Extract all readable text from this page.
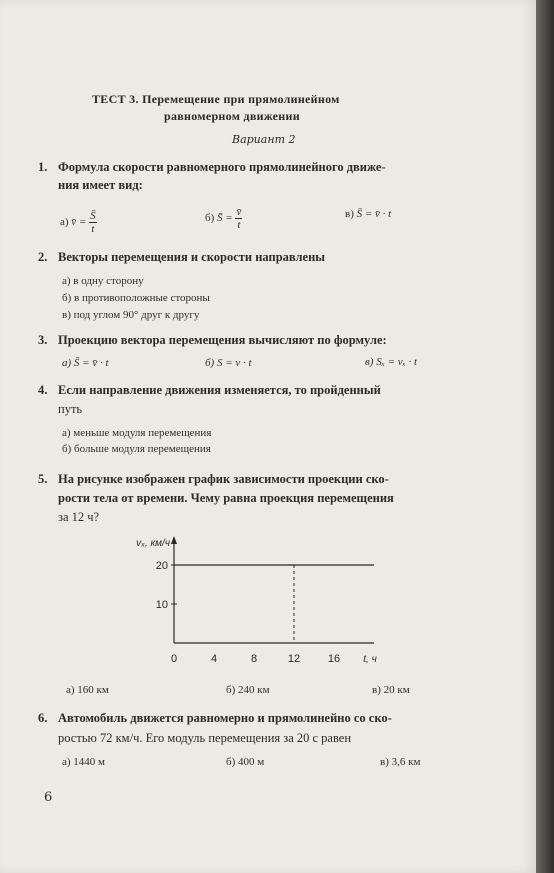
ТЕСТ 3. Перемещение при прямолинейном
равномерном движении
Вариант 2
1. Формула скорости равномерного прямолинейного движе-
ния имеет вид:
а) v̄ = $\frac{S̄}{t}$	б) S̄ = $\frac{v̄}{t}$	в) S̄ = v̄ · t
2. Векторы перемещения и скорости направлены
а) в одну сторону
б) в противоположные стороны
в) под углом 90° друг к другу
3. Проекцию вектора перемещения вычисляют по формуле:
а) S̄ = v̄ · t	б) S = v · t	в) Sₓ = vₓ · t
4. Если направление движения изменяется, то пройденный
путь
а) меньше модуля перемещения
б) больше модуля перемещения
5. На рисунке изображен график зависимости проекции ско-
рости тела от времени. Чему равна проекция перемещения
за 12 ч?
10
20
0	4	8	12	16
vₓ, км/ч
t, ч
а) 160 км	б) 240 км	в) 20 км
6. Автомобиль движется равномерно и прямолинейно со ско-
ростью 72 км/ч. Его модуль перемещения за 20 с равен
а) 1440 м	б) 400 м	в) 3,6 км
6
